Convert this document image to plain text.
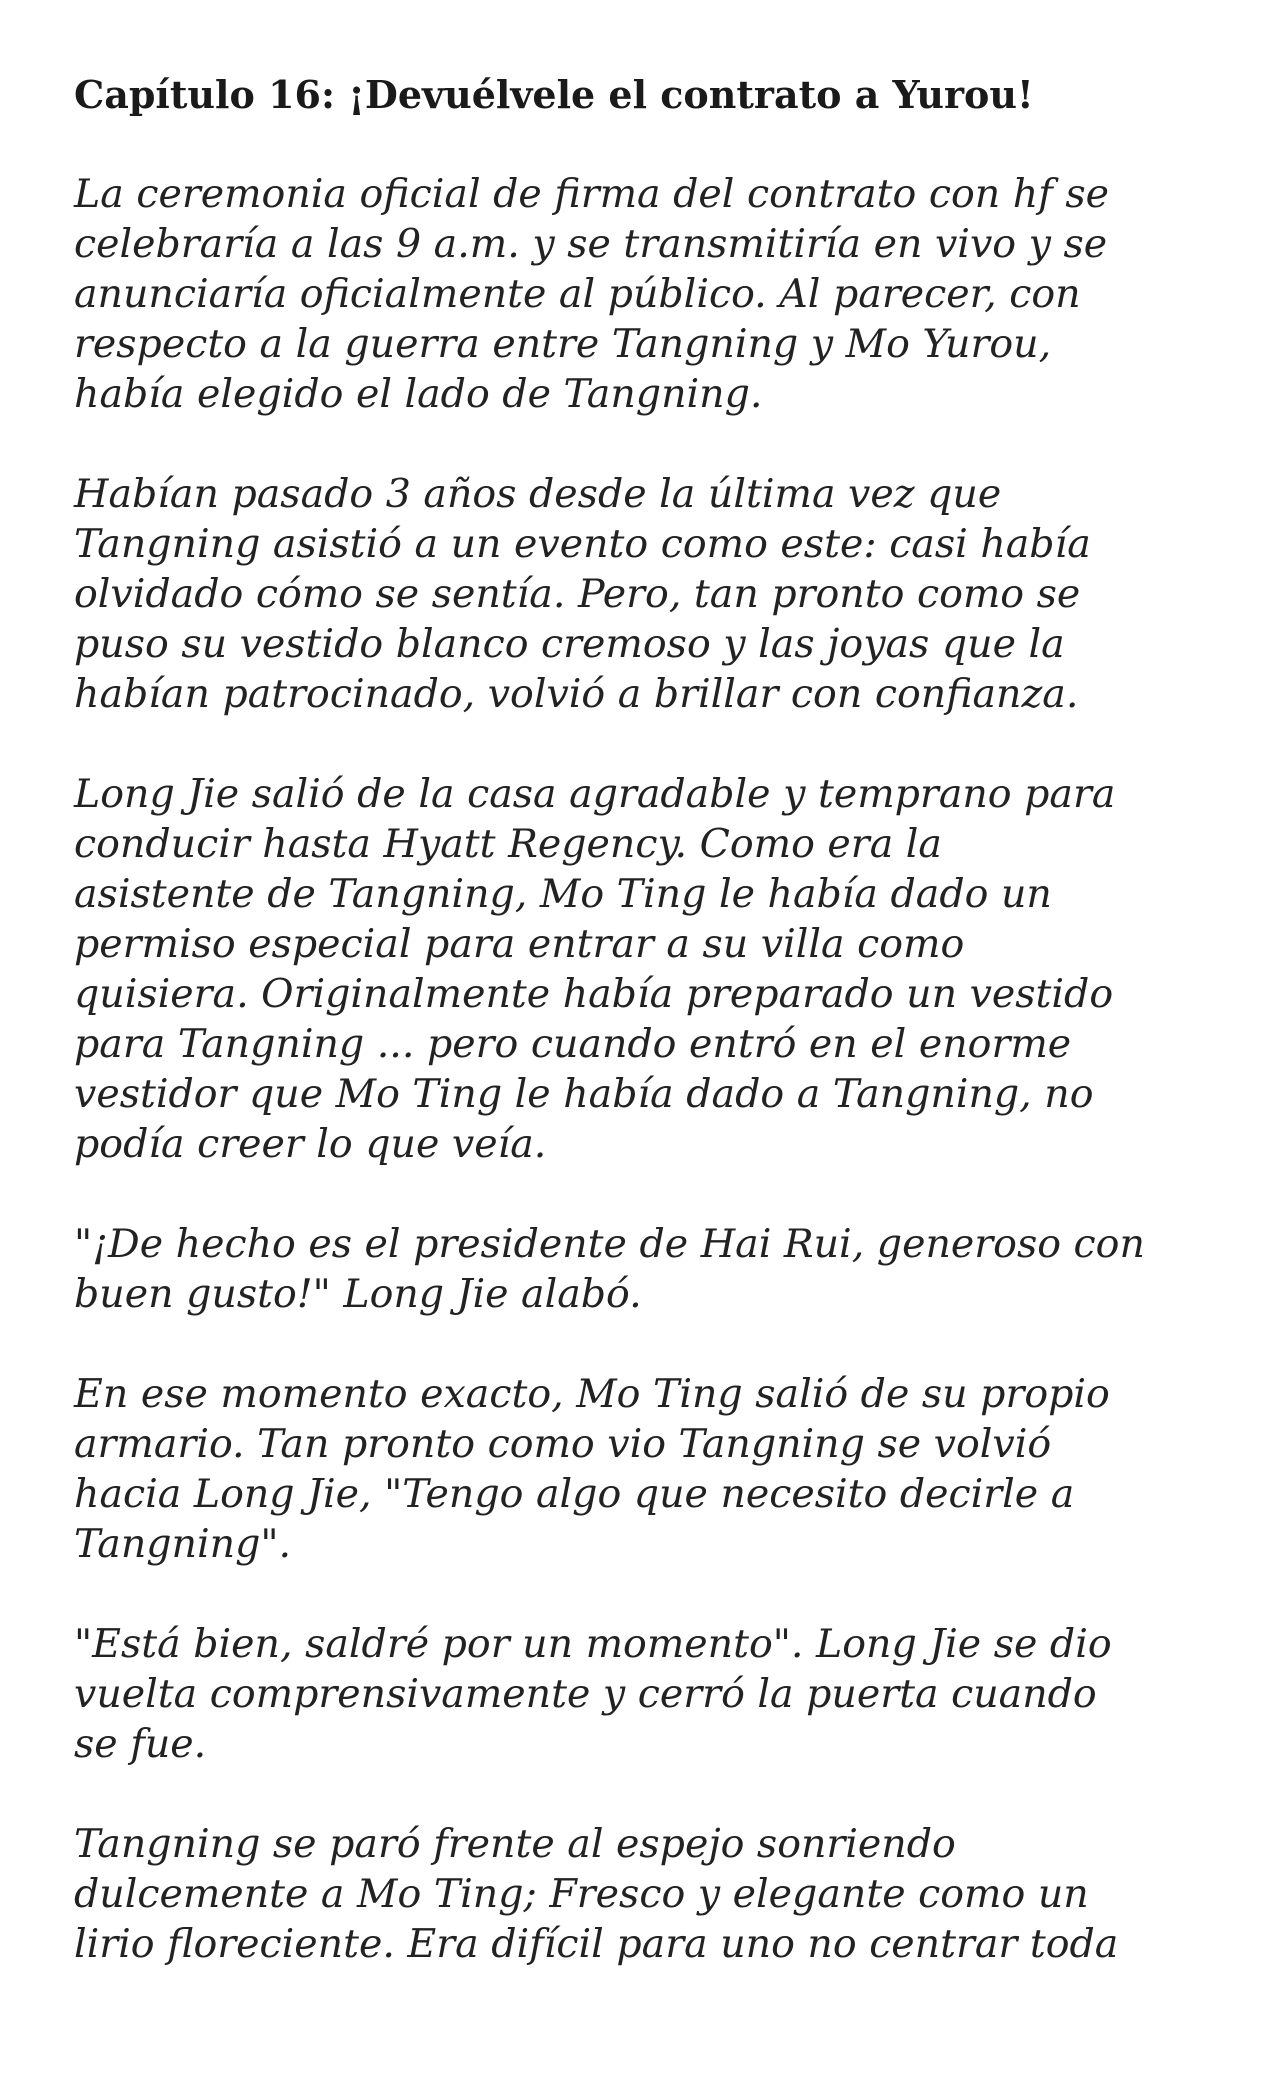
Capítulo 16: ¡Devuélvele el contrato a Yurou!

La ceremonia oficial de firma del contrato con hf se
celebraría a las 9 a.m. y se transmitiría en vivo y se
anunciaría oficialmente al público. Al parecer, con
respecto a la guerra entre Tangning y Mo Yurou,
había elegido el lado de Tangning.

Habían pasado 3 años desde la última vez que
Tangning asistió a un evento como este: casi había
olvidado cómo se sentía. Pero, tan pronto como se
puso su vestido blanco cremoso y las joyas que la
habían patrocinado, volvió a brillar con confianza.

Long Jie salió de la casa agradable y temprano para
conducir hasta Hyatt Regency. Como era la
asistente de Tangning, Mo Ting le había dado un
permiso especial para entrar a su villa como
quisiera. Originalmente había preparado un vestido
para Tangning ... pero cuando entró en el enorme
vestidor que Mo Ting le había dado a Tangning, no
podía creer lo que veía.

"¡De hecho es el presidente de Hai Rui, generoso con
buen gusto!" Long Jie alabó.

En ese momento exacto, Mo Ting salió de su propio
armario. Tan pronto como vio Tangning se volvió
hacia Long Jie, "Tengo algo que necesito decirle a
Tangning".

"Está bien, saldré por un momento". Long Jie se dio
vuelta comprensivamente y cerró la puerta cuando
se fue.

Tangning se paró frente al espejo sonriendo
dulcemente a Mo Ting; Fresco y elegante como un
lirio floreciente. Era difícil para uno no centrar toda
